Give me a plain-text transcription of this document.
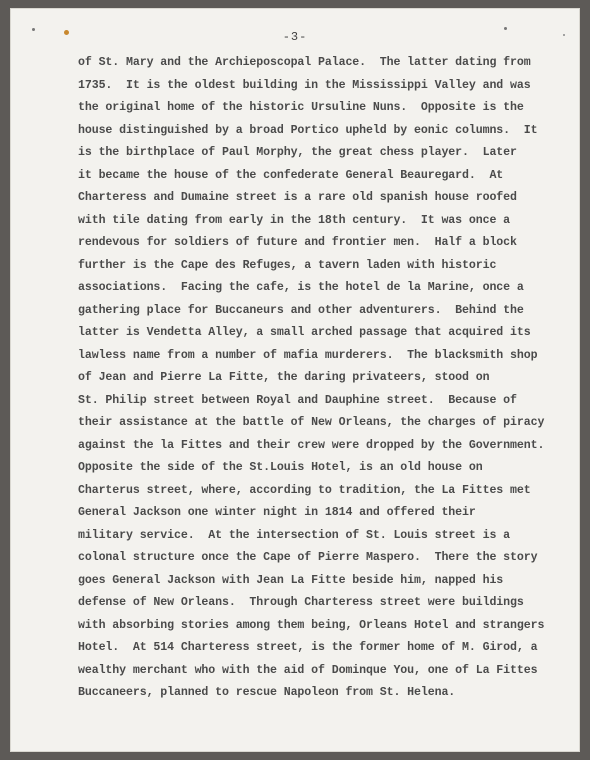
-3-
of St. Mary and the Archieposcopal Palace.  The latter dating from
1735.  It is the oldest building in the Mississippi Valley and was
the original home of the historic Ursuline Nuns.  Opposite is the
house distinguished by a broad Portico upheld by eonic columns.  It
is the birthplace of Paul Morphy, the great chess player.  Later
it became the house of the confederate General Beauregard.  At
Charteress and Dumaine street is a rare old spanish house roofed
with tile dating from early in the 18th century.  It was once a
rendevous for soldiers of future and frontier men.  Half a block
further is the Cape des Refuges, a tavern laden with historic
associations.  Facing the cafe, is the hotel de la Marine, once a
gathering place for Buccaneurs and other adventurers.  Behind the
latter is Vendetta Alley, a small arched passage that acquired its
lawless name from a number of mafia murderers.  The blacksmith shop
of Jean and Pierre La Fitte, the daring privateers, stood on
St. Philip street between Royal and Dauphine street.  Because of
their assistance at the battle of New Orleans, the charges of piracy
against the la Fittes and their crew were dropped by the Government.
Opposite the side of the St.Louis Hotel, is an old house on
Charterus street, where, according to tradition, the La Fittes met
General Jackson one winter night in 1814 and offered their
military service.  At the intersection of St. Louis street is a
colonal structure once the Cape of Pierre Maspero.  There the story
goes General Jackson with Jean La Fitte beside him, napped his
defense of New Orleans.  Through Charteress street were buildings
with absorbing stories among them being, Orleans Hotel and strangers
Hotel.  At 514 Charteress street, is the former home of M. Girod, a
wealthy merchant who with the aid of Dominque You, one of La Fittes
Buccaneers, planned to rescue Napoleon from St. Helena.
